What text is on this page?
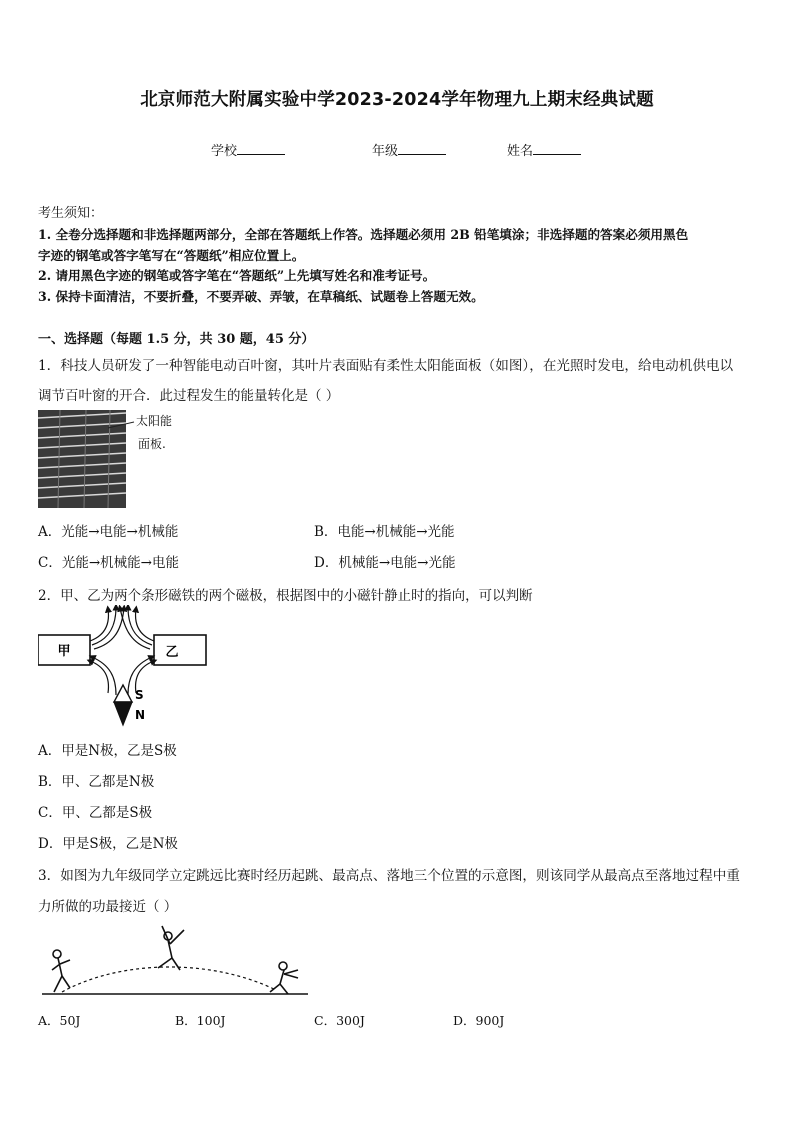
北京师范大附属实验中学2023-2024学年物理九上期末经典试题
学校	年级	姓名
考生须知：
1. 全卷分选择题和非选择题两部分，全部在答题纸上作答。选择题必须用 2B 铅笔填涂；非选择题的答案必须用黑色
字迹的钢笔或答字笔写在“答题纸”相应位置上。
2. 请用黑色字迹的钢笔或答字笔在“答题纸”上先填写姓名和准考证号。
3. 保持卡面清洁，不要折叠，不要弄破、弄皱，在草稿纸、试题卷上答题无效。
一、选择题（每题 1.5 分，共 30 题，45 分）
1．科技人员研发了一种智能电动百叶窗，其叶片表面贴有柔性太阳能面板（如图），在光照时发电，给电动机供电以
调节百叶窗的开合．此过程发生的能量转化是（ ）
太阳能
面板.
A．光能→电能→机械能	B．电能→机械能→光能
C．光能→机械能→电能	D．机械能→电能→光能
2．甲、乙为两个条形磁铁的两个磁极，根据图中的小磁针静止时的指向，可以判断
甲	乙
S
N
A．甲是N极，乙是S极
B．甲、乙都是N极
C．甲、乙都是S极
D．甲是S极，乙是N极
3．如图为九年级同学立定跳远比赛时经历起跳、最高点、落地三个位置的示意图，则该同学从最高点至落地过程中重
力所做的功最接近（ ）
A．50J	B．100J	C．300J	D．900J
